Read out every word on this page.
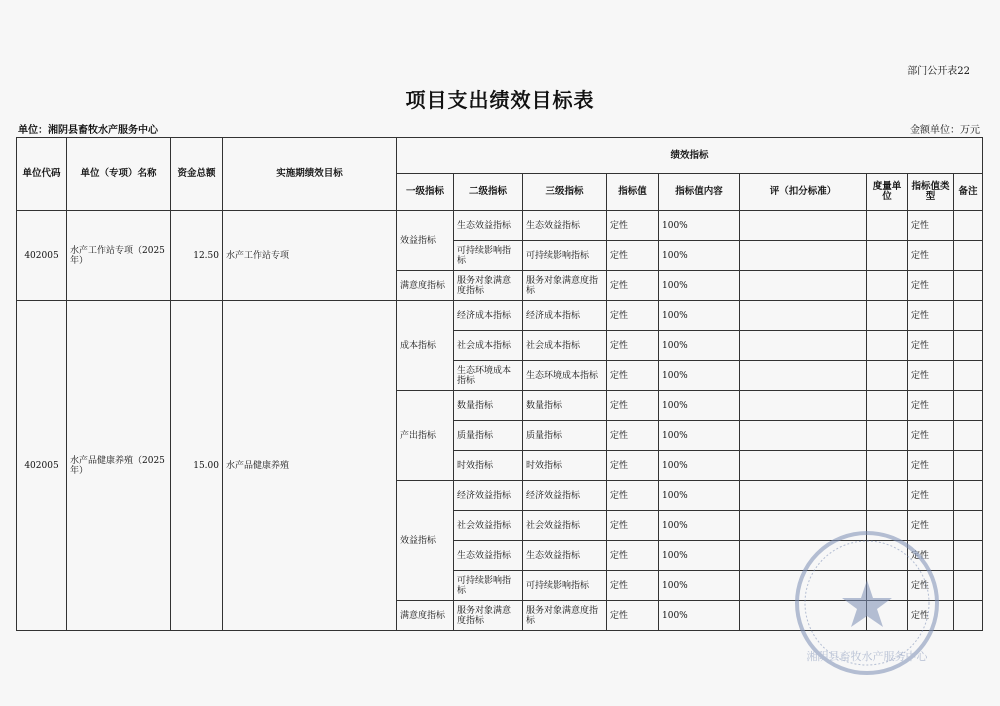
部门公开表22
项目支出绩效目标表
单位：湘阴县畜牧水产服务中心	金额单位：万元
单位代码	单位（专项）名称	资金总额	实施期绩效目标	绩效指标								
				一级指标	二级指标	三级指标	指标值	指标值内容	评（扣分标准）	度量单位	指标值类型	备注
402005	水产工作站专项（2025年）	12.50	水产工作站专项	效益指标	生态效益指标	生态效益指标	定性	100%			定性	
					可持续影响指标	可持续影响指标	定性	100%			定性	
				满意度指标	服务对象满意度指标	服务对象满意度指标	定性	100%			定性	
402005	水产品健康养殖（2025年）	15.00	水产品健康养殖	成本指标	经济成本指标	经济成本指标	定性	100%			定性	
					社会成本指标	社会成本指标	定性	100%			定性	
					生态环境成本指标	生态环境成本指标	定性	100%			定性	
				产出指标	数量指标	数量指标	定性	100%			定性	
					质量指标	质量指标	定性	100%			定性	
					时效指标	时效指标	定性	100%			定性	
				效益指标	经济效益指标	经济效益指标	定性	100%			定性	
					社会效益指标	社会效益指标	定性	100%			定性	
					生态效益指标	生态效益指标	定性	100%			定性	
					可持续影响指标	可持续影响指标	定性	100%			定性	
				满意度指标	服务对象满意度指标	服务对象满意度指标	定性	100%			定性	
湘阴县畜牧水产服务中心
